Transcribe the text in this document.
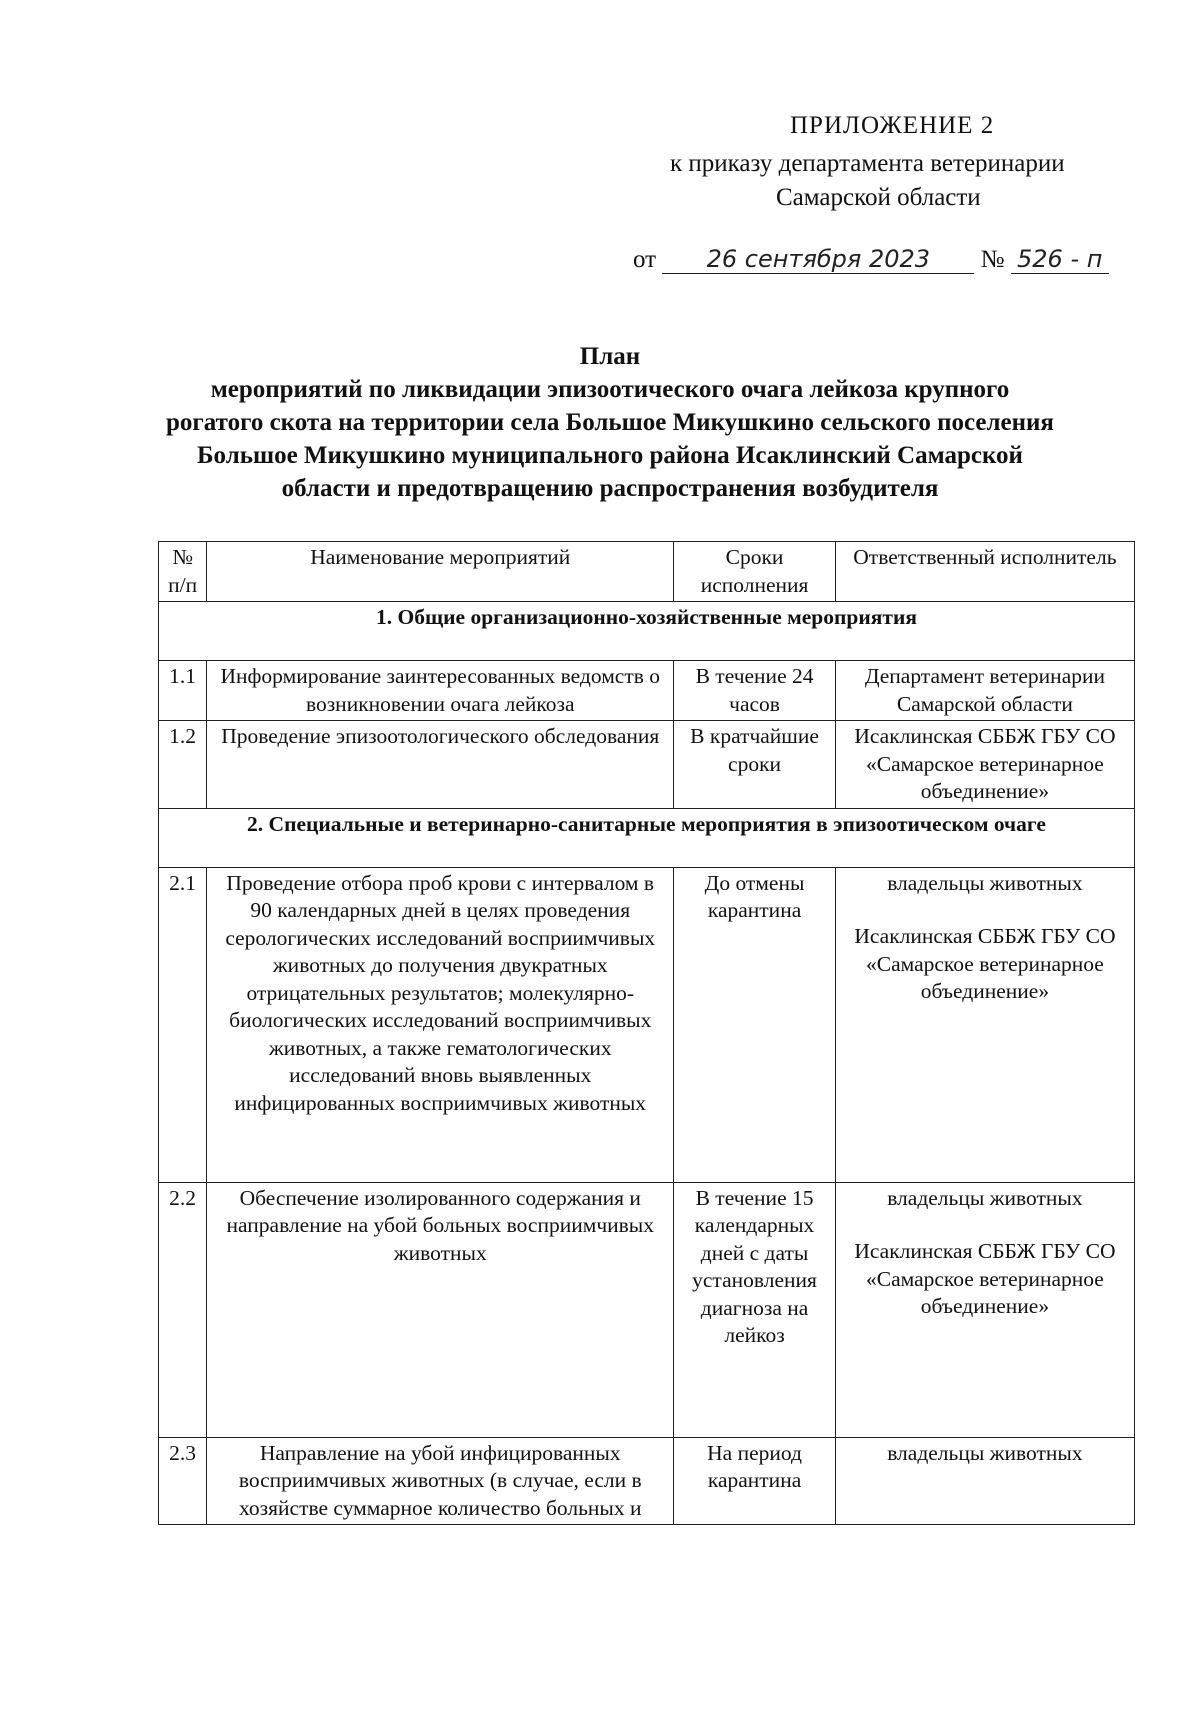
ПРИЛОЖЕНИЕ 2
к приказу департамента ветеринарии
Самарской области
от 26 сентября 2023 № 526 - п
План
мероприятий по ликвидации эпизоотического очага лейкоза крупного рогатого скота на территории села Большое Микушкино сельского поселения Большое Микушкино муниципального района Исаклинский Самарской области и предотвращению распространения возбудителя
№ п/п	Наименование мероприятий	Сроки исполнения	Ответственный исполнитель
1. Общие организационно-хозяйственные мероприятия			
1.1	Информирование заинтересованных ведомств о возникновении очага лейкоза	В течение 24 часов	Департамент ветеринарии Самарской области
1.2	Проведение эпизоотологического обследования	В кратчайшие сроки	Исаклинская СББЖ ГБУ СО «Самарское ветеринарное объединение»
2. Специальные и ветеринарно-санитарные мероприятия в эпизоотическом очаге			
2.1	Проведение отбора проб крови с интервалом в 90 календарных дней в целях проведения серологических исследований восприимчивых животных до получения двукратных отрицательных результатов; молекулярно-биологических исследований восприимчивых животных, а также гематологических исследований вновь выявленных инфицированных восприимчивых животных	До отмены карантина	владельцы животных
Исаклинская СББЖ ГБУ СО «Самарское ветеринарное объединение»
2.2	Обеспечение изолированного содержания и направление на убой больных восприимчивых животных	В течение 15 календарных дней с даты установления диагноза на лейкоз	владельцы животных
Исаклинская СББЖ ГБУ СО «Самарское ветеринарное объединение»
2.3	Направление на убой инфицированных восприимчивых животных (в случае, если в хозяйстве суммарное количество больных и	На период карантина	владельцы животных
